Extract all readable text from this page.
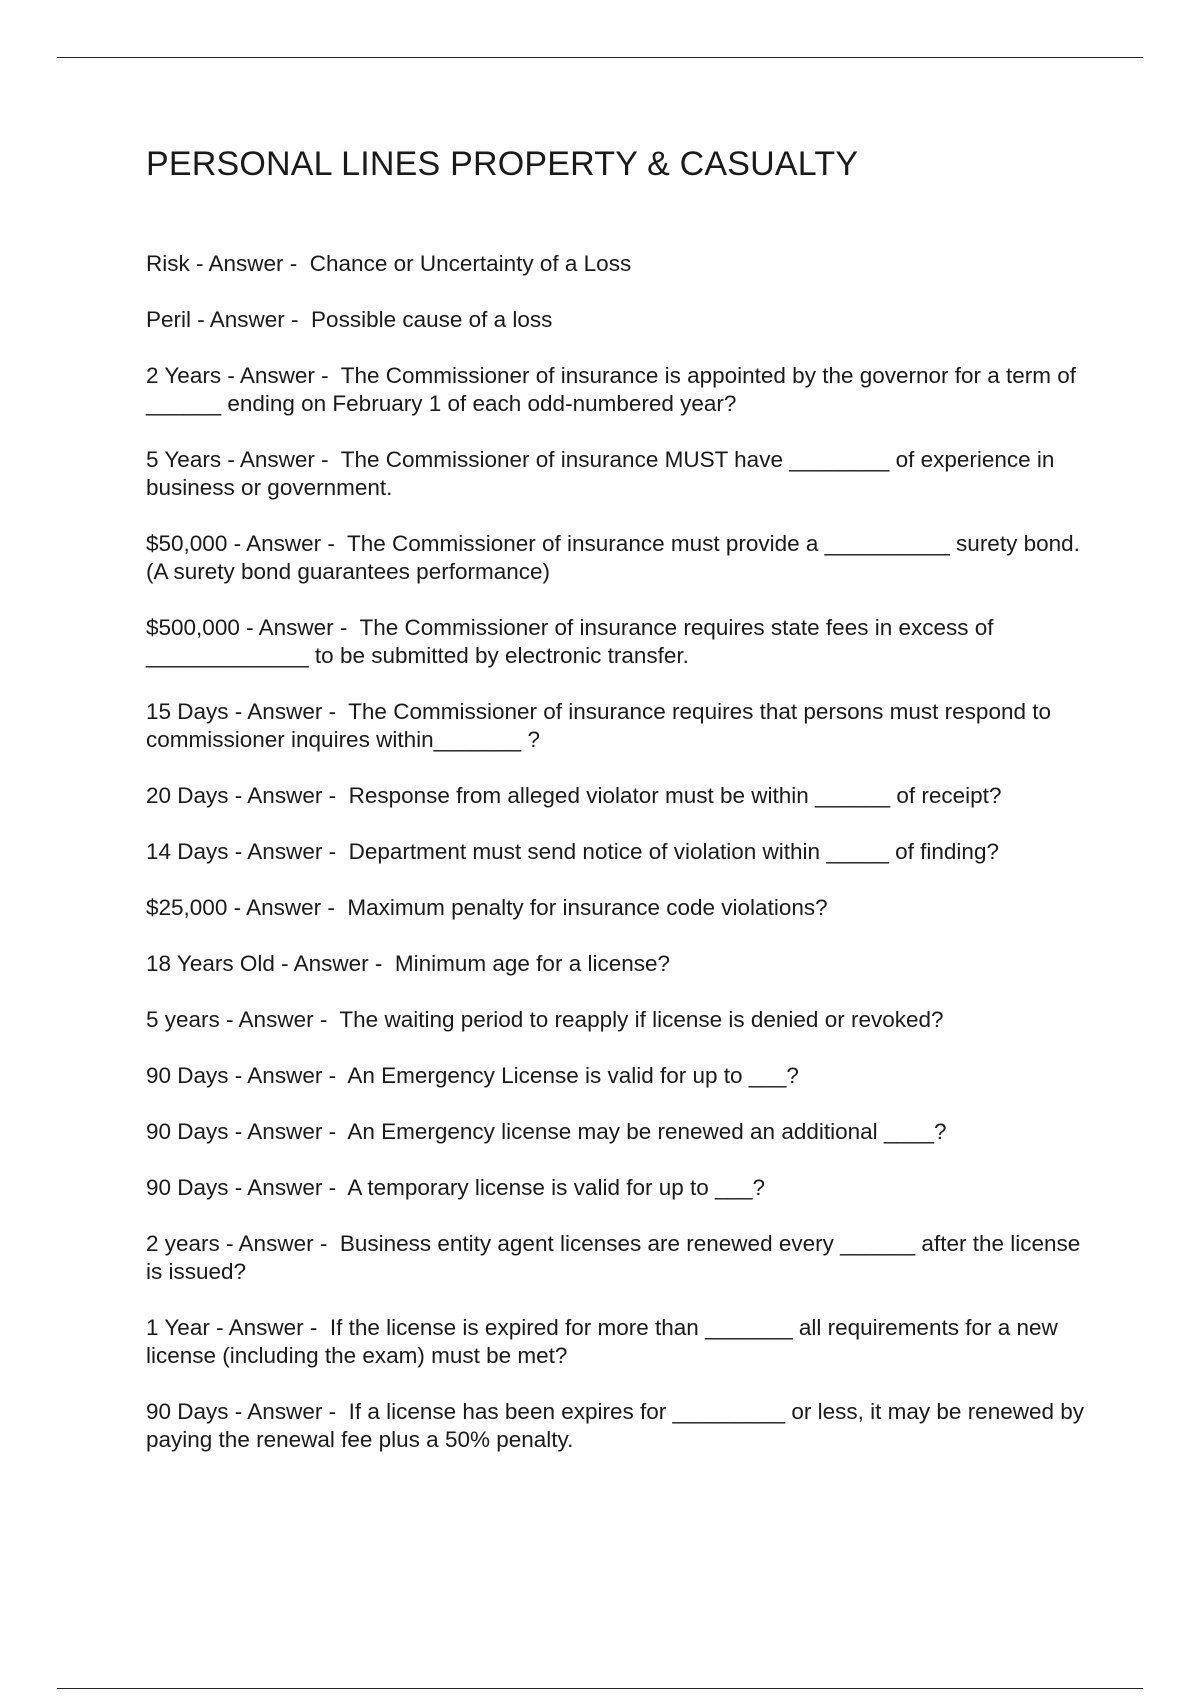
PERSONAL LINES PROPERTY & CASUALTY
Risk - Answer -  Chance or Uncertainty of a Loss
Peril - Answer -  Possible cause of a loss
2 Years - Answer -  The Commissioner of insurance is appointed by the governor for a term of ______ ending on February 1 of each odd-numbered year?
5 Years - Answer -  The Commissioner of insurance MUST have ________ of experience in business or government.
$50,000 - Answer -  The Commissioner of insurance must provide a __________ surety bond. (A surety bond guarantees performance)
$500,000 - Answer -  The Commissioner of insurance requires state fees in excess of _____________ to be submitted by electronic transfer.
15 Days - Answer -  The Commissioner of insurance requires that persons must respond to commissioner inquires within_______ ?
20 Days - Answer -  Response from alleged violator must be within ______ of receipt?
14 Days - Answer -  Department must send notice of violation within _____ of finding?
$25,000 - Answer -  Maximum penalty for insurance code violations?
18 Years Old - Answer -  Minimum age for a license?
5 years - Answer -  The waiting period to reapply if license is denied or revoked?
90 Days - Answer -  An Emergency License is valid for up to ___?
90 Days - Answer -  An Emergency license may be renewed an additional ____?
90 Days - Answer -  A temporary license is valid for up to ___?
2 years - Answer -  Business entity agent licenses are renewed every ______ after the license is issued?
1 Year - Answer -  If the license is expired for more than _______ all requirements for a new license (including the exam) must be met?
90 Days - Answer -  If a license has been expires for _________ or less, it may be renewed by paying the renewal fee plus a 50% penalty.
